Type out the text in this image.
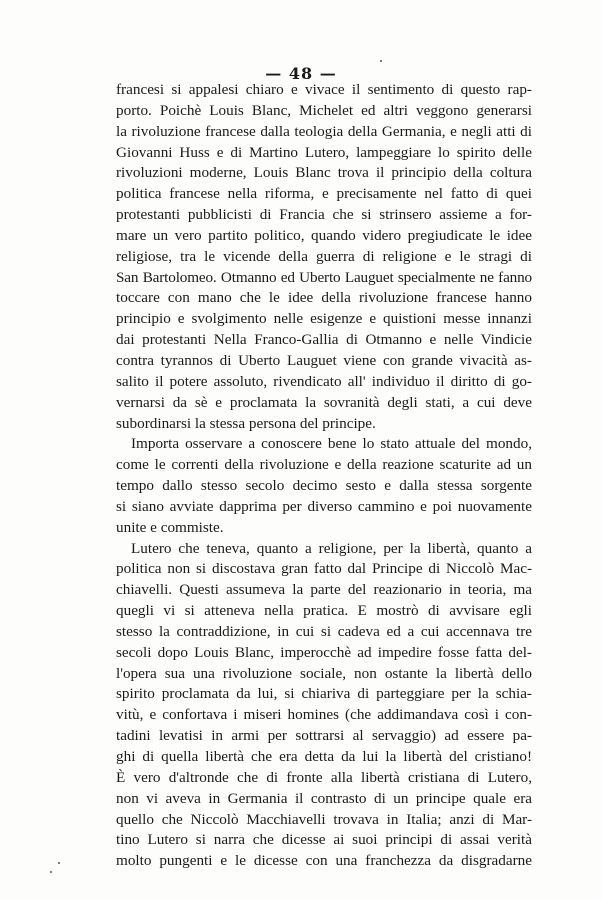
— 48 —
francesi si appalesi chiaro e vivace il sentimento di questo rap-
porto. Poichè Louis Blanc, Michelet ed altri veggono generarsi
la rivoluzione francese dalla teologia della Germania, e negli atti di
Giovanni Huss e di Martino Lutero, lampeggiare lo spirito delle
rivoluzioni moderne, Louis Blanc trova il principio della coltura
politica francese nella riforma, e precisamente nel fatto di quei
protestanti pubblicisti di Francia che si strinsero assieme a for-
mare un vero partito politico, quando videro pregiudicate le idee
religiose, tra le vicende della guerra di religione e le stragi di
San Bartolomeo. Otmanno ed Uberto Lauguet specialmente ne fanno
toccare con mano che le idee della rivoluzione francese hanno
principio e svolgimento nelle esigenze e quistioni messe innanzi
dai protestanti Nella Franco-Gallia di Otmanno e nelle Vindicie
contra tyrannos di Uberto Lauguet viene con grande vivacità as-
salito il potere assoluto, rivendicato all' individuo il diritto di go-
vernarsi da sè e proclamata la sovranità degli stati, a cui deve
subordinarsi la stessa persona del principe.
Importa osservare a conoscere bene lo stato attuale del mondo,
come le correnti della rivoluzione e della reazione scaturite ad un
tempo dallo stesso secolo decimo sesto e dalla stessa sorgente
si siano avviate dapprima per diverso cammino e poi nuovamente
unite e commiste.
Lutero che teneva, quanto a religione, per la libertà, quanto a
politica non si discostava gran fatto dal Principe di Niccolò Mac-
chiavelli. Questi assumeva la parte del reazionario in teoria, ma
quegli vi si atteneva nella pratica. E mostrò di avvisare egli
stesso la contraddizione, in cui si cadeva ed a cui accennava tre
secoli dopo Louis Blanc, imperocchè ad impedire fosse fatta del-
l'opera sua una rivoluzione sociale, non ostante la libertà dello
spirito proclamata da lui, si chiariva di parteggiare per la schia-
vitù, e confortava i miseri homines (che addimandava così i con-
tadini levatisi in armi per sottrarsi al servaggio) ad essere pa-
ghi di quella libertà che era detta da lui la libertà del cristiano!
È vero d'altronde che di fronte alla libertà cristiana di Lutero,
non vi aveva in Germania il contrasto di un principe quale era
quello che Niccolò Macchiavelli trovava in Italia; anzi di Mar-
tino Lutero si narra che dicesse ai suoi principi di assai verità
molto pungenti e le dicesse con una franchezza da disgradarne
